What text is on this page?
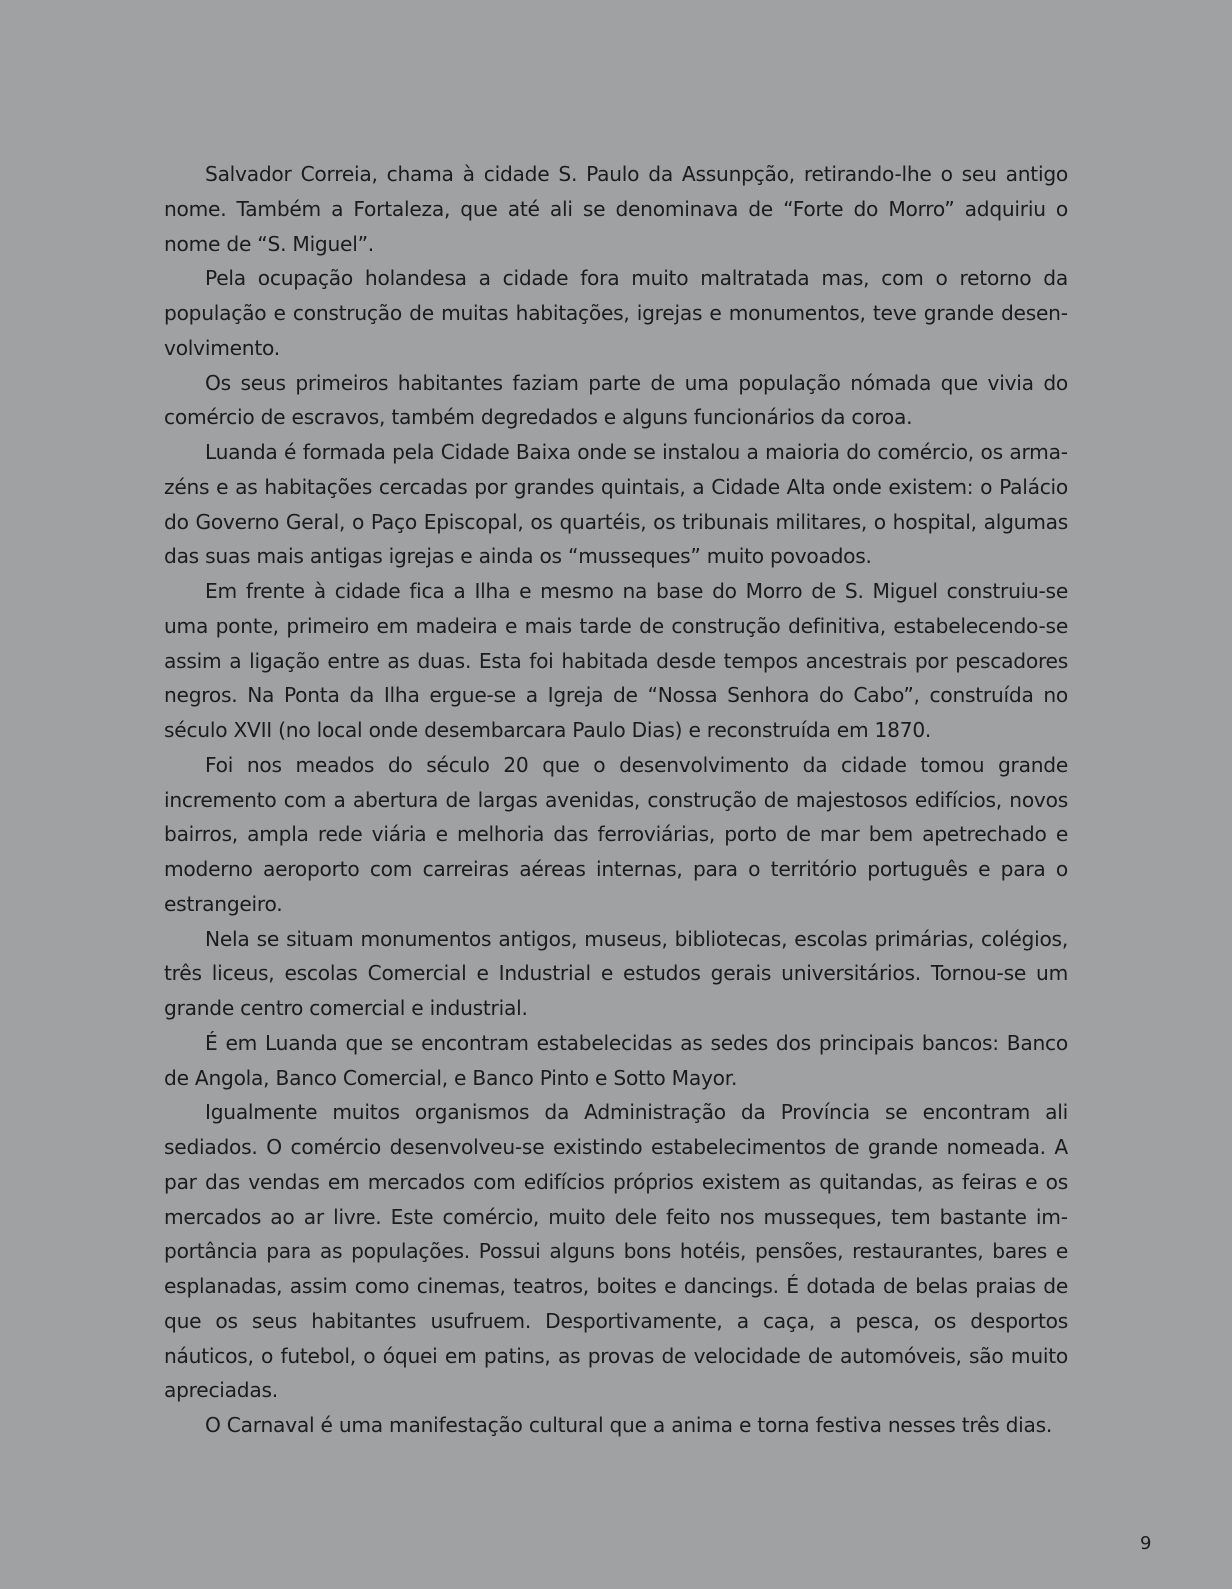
Salvador Correia, chama à cidade S. Paulo da Assunpção, retirando-lhe o seu antigo nome. Também a Fortaleza, que até ali se denominava de “Forte do Morro” adquiriu o nome de “S. Miguel”.

Pela ocupação holandesa a cidade fora muito maltratada mas, com o retorno da população e construção de muitas habitações, igrejas e monumentos, teve grande desenvolvimento.

Os seus primeiros habitantes faziam parte de uma população nómada que vivia do comércio de escravos, também degredados e alguns funcionários da coroa.

Luanda é formada pela Cidade Baixa onde se instalou a maioria do comércio, os armazéns e as habitações cercadas por grandes quintais, a Cidade Alta onde existem: o Palácio do Governo Geral, o Paço Episcopal, os quartéis, os tribunais militares, o hospital, algumas das suas mais antigas igrejas e ainda os “musseques” muito povoados.

Em frente à cidade fica a Ilha e mesmo na base do Morro de S. Miguel construiu-se uma ponte, primeiro em madeira e mais tarde de construção definitiva, estabelecendo-se assim a ligação entre as duas. Esta foi habitada desde tempos ancestrais por pescadores negros. Na Ponta da Ilha ergue-se a Igreja de “Nossa Senhora do Cabo”, construída no século XVII (no local onde desembarcara Paulo Dias) e reconstruída em 1870.

Foi nos meados do século 20 que o desenvolvimento da cidade tomou grande incremento com a abertura de largas avenidas, construção de majestosos edifícios, novos bairros, ampla rede viária e melhoria das ferroviárias, porto de mar bem apetrechado e moderno aeroporto com carreiras aéreas internas, para o território português e para o estrangeiro.

Nela se situam monumentos antigos, museus, bibliotecas, escolas primárias, colégios, três liceus, escolas Comercial e Industrial e estudos gerais universitários. Tornou-se um grande centro comercial e industrial.

É em Luanda que se encontram estabelecidas as sedes dos principais bancos: Banco de Angola, Banco Comercial, e Banco Pinto e Sotto Mayor.

Igualmente muitos organismos da Administração da Província se encontram ali sediados. O comércio desenvolveu-se existindo estabelecimentos de grande nomeada. A par das vendas em mercados com edifícios próprios existem as quitandas, as feiras e os mercados ao ar livre. Este comércio, muito dele feito nos musseques, tem bastante importância para as populações. Possui alguns bons hotéis, pensões, restaurantes, bares e esplanadas, assim como cinemas, teatros, boites e dancings. É dotada de belas praias de que os seus habitantes usufruem. Desportivamente, a caça, a pesca, os desportos náuticos, o futebol, o óquei em patins, as provas de velocidade de automóveis, são muito apreciadas.

O Carnaval é uma manifestação cultural que a anima e torna festiva nesses três dias.

9
